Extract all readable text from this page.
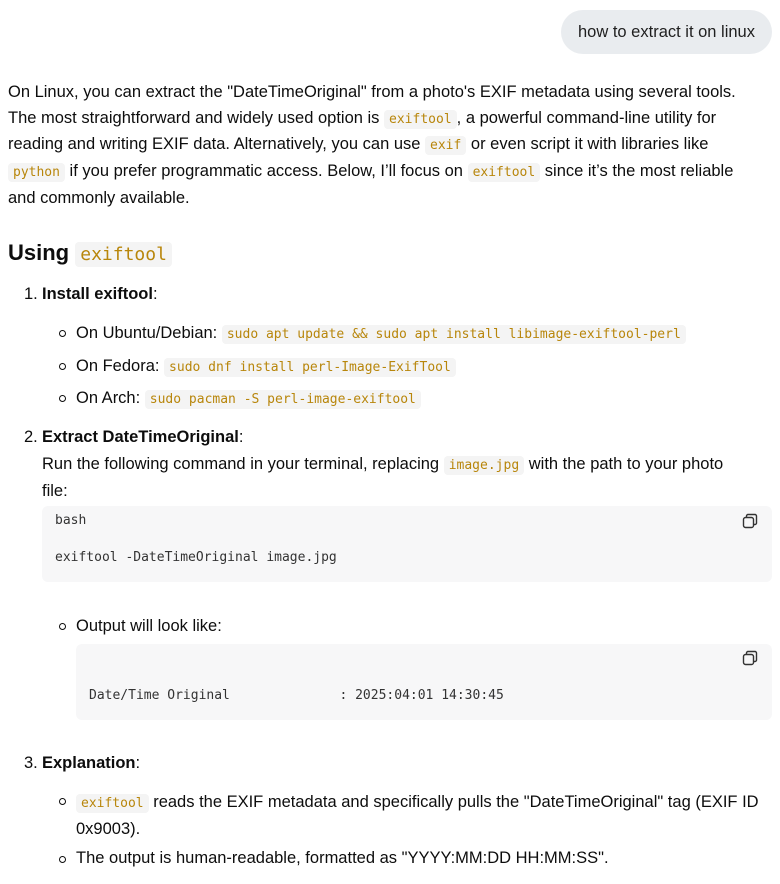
how to extract it on linux

On Linux, you can extract the "DateTimeOriginal" from a photo's EXIF metadata using several tools.
The most straightforward and widely used option is exiftool , a powerful command-line utility for
reading and writing EXIF data. Alternatively, you can use exif or even script it with libraries like
python if you prefer programmatic access. Below, I’ll focus on exiftool since it’s the most reliable
and commonly available.

Using exiftool
1. Install exiftool:
On Ubuntu/Debian: sudo apt update && sudo apt install libimage-exiftool-perl
On Fedora: sudo dnf install perl-Image-ExifTool
On Arch: sudo pacman -S perl-image-exiftool
2. Extract DateTimeOriginal:

Run the following command in your terminal, replacing image.jpg with the path to your photo
file:

bash
exiftool -DateTimeOriginal image.jpg
Output will look like:
Date/Time Original              : 2025:04:01 14:30:45
3. Explanation:

exiftool reads the EXIF metadata and specifically pulls the "DateTimeOriginal" tag (EXIF ID
0x9003).

The output is human-readable, formatted as "YYYY:MM:DD HH:MM:SS".
